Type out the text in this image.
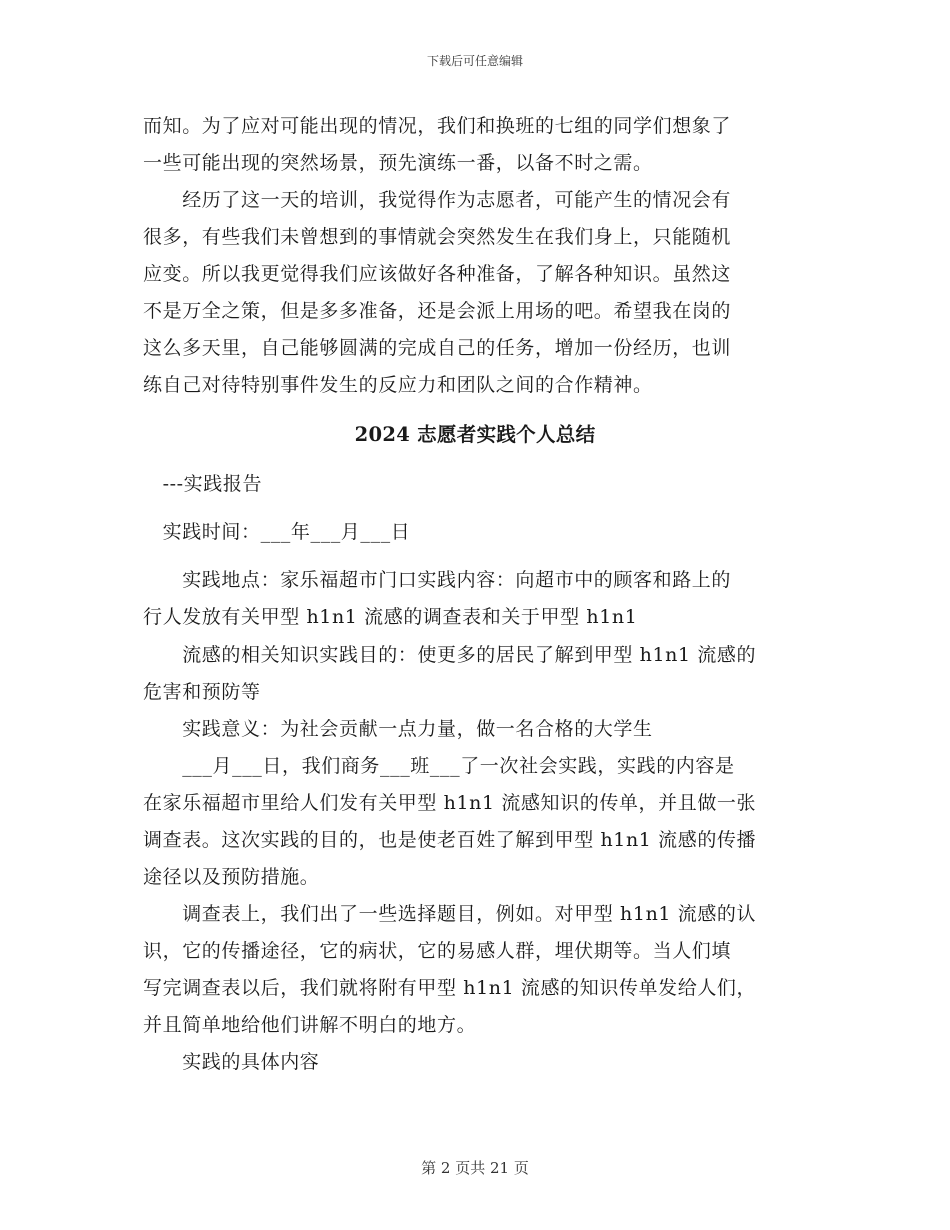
下载后可任意编辑
而知。为了应对可能出现的情况，我们和换班的七组的同学们想象了
一些可能出现的突然场景，预先演练一番，以备不时之需。
　　经历了这一天的培训，我觉得作为志愿者，可能产生的情况会有
很多，有些我们未曾想到的事情就会突然发生在我们身上，只能随机
应变。所以我更觉得我们应该做好各种准备，了解各种知识。虽然这
不是万全之策，但是多多准备，还是会派上用场的吧。希望我在岗的
这么多天里，自己能够圆满的完成自己的任务，增加一份经历，也训
练自己对待特别事件发生的反应力和团队之间的合作精神。
2024 志愿者实践个人总结
　---实践报告
　实践时间：___年___月___日
　　实践地点：家乐福超市门口实践内容：向超市中的顾客和路上的
行人发放有关甲型 h1n1 流感的调查表和关于甲型 h1n1
　　流感的相关知识实践目的：使更多的居民了解到甲型 h1n1 流感的
危害和预防等
　　实践意义：为社会贡献一点力量，做一名合格的大学生
　　___月___日，我们商务___班___了一次社会实践，实践的内容是
在家乐福超市里给人们发有关甲型 h1n1 流感知识的传单，并且做一张
调查表。这次实践的目的，也是使老百姓了解到甲型 h1n1 流感的传播
途径以及预防措施。
　　调查表上，我们出了一些选择题目，例如。对甲型 h1n1 流感的认
识，它的传播途径，它的病状，它的易感人群，埋伏期等。当人们填
写完调查表以后，我们就将附有甲型 h1n1 流感的知识传单发给人们，
并且简单地给他们讲解不明白的地方。
　　实践的具体内容
第 2 页共 21 页
